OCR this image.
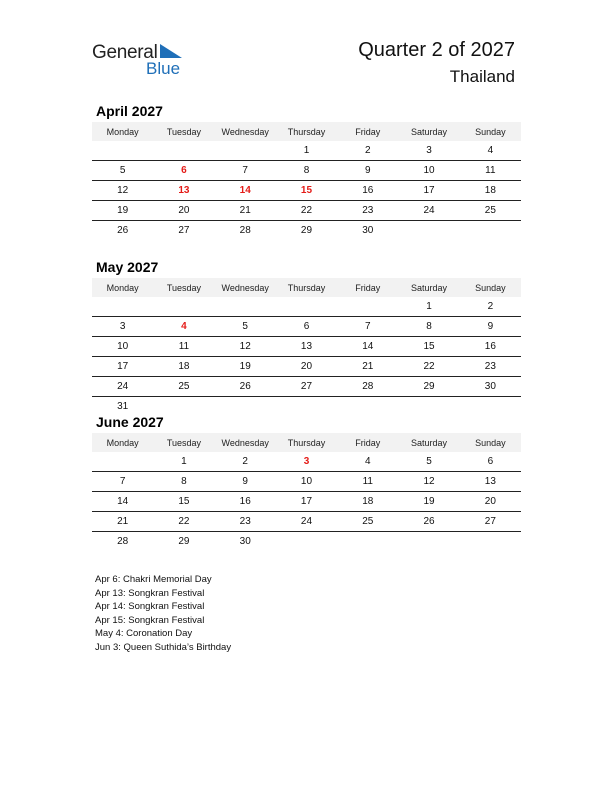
General
Blue
Quarter 2 of 2027
Thailand
April 2027
Monday	Tuesday	Wednesday	Thursday	Friday	Saturday	Sunday
			1	2	3	4
5	6	7	8	9	10	11
12	13	14	15	16	17	18
19	20	21	22	23	24	25
26	27	28	29	30		
May 2027
Monday	Tuesday	Wednesday	Thursday	Friday	Saturday	Sunday
					1	2
3	4	5	6	7	8	9
10	11	12	13	14	15	16
17	18	19	20	21	22	23
24	25	26	27	28	29	30
31						
June 2027
Monday	Tuesday	Wednesday	Thursday	Friday	Saturday	Sunday
	1	2	3	4	5	6
7	8	9	10	11	12	13
14	15	16	17	18	19	20
21	22	23	24	25	26	27
28	29	30				
Apr 6: Chakri Memorial Day
Apr 13: Songkran Festival
Apr 14: Songkran Festival
Apr 15: Songkran Festival
May 4: Coronation Day
Jun 3: Queen Suthida’s Birthday
